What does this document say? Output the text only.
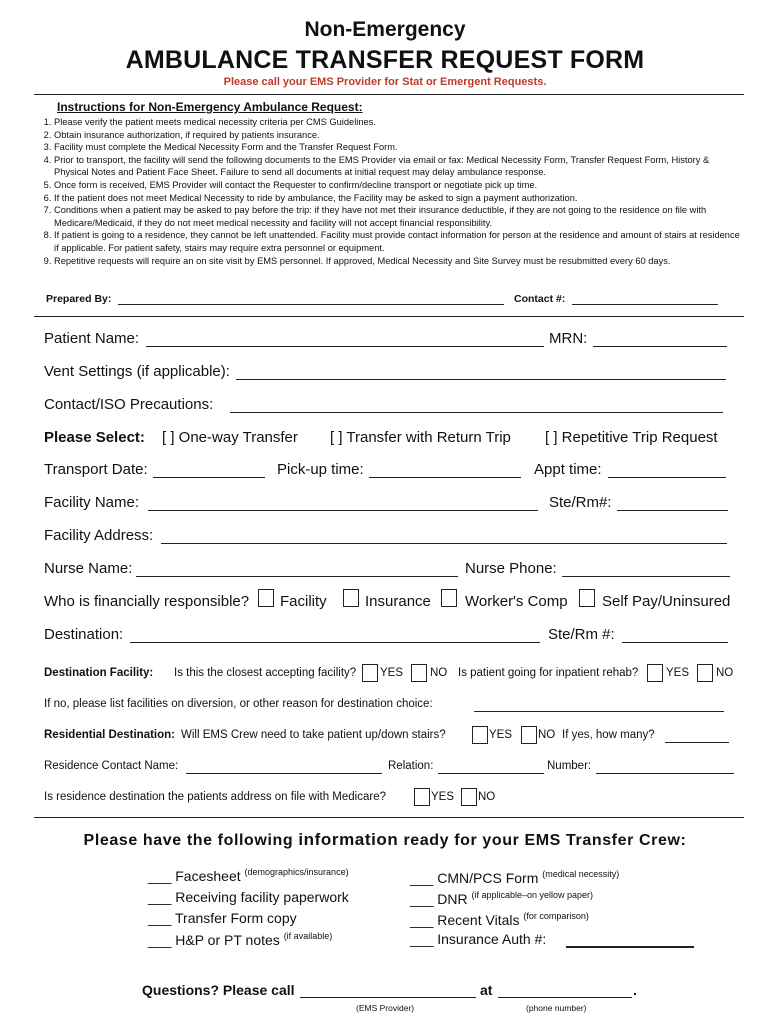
Non-Emergency
AMBULANCE TRANSFER REQUEST FORM
Please call your EMS Provider for Stat or Emergent Requests.
Instructions for Non-Emergency Ambulance Request:
1. Please verify the patient meets medical necessity criteria per CMS Guidelines.
2. Obtain insurance authorization, if required by patients insurance.
3. Facility must complete the Medical Necessity Form and the Transfer Request Form.
4. Prior to transport, the facility will send the following documents to the EMS Provider via email or fax: Medical Necessity Form, Transfer Request Form, History & Physical Notes and Patient Face Sheet. Failure to send all documents at initial request may delay ambulance response.
5. Once form is received, EMS Provider will contact the Requester to confirm/decline transport or negotiate pick up time.
6. If the patient does not meet Medical Necessity to ride by ambulance, the Facility may be asked to sign a payment authorization.
7. Conditions when a patient may be asked to pay before the trip: if they have not met their insurance deductible, if they are not going to the residence on file with Medicare/Medicaid, if they do not meet medical necessity and facility will not accept financial responsibility.
8. If patient is going to a residence, they cannot be left unattended. Facility must provide contact information for person at the residence and amount of stairs at residence if applicable. For patient safety, stairs may require extra personnel or equipment.
9. Repetitive requests will require an on site visit by EMS personnel. If approved, Medical Necessity and Site Survey must be resubmitted every 60 days.
Prepared By:	Contact #:
Patient Name:	MRN:
Vent Settings (if applicable):
Contact/ISO Precautions:
Please Select: [ ] One-way Transfer [ ] Transfer with Return Trip [ ] Repetitive Trip Request
Transport Date:	Pick-up time:	Appt time:
Facility Name:	Ste/Rm#:
Facility Address:
Nurse Name:	Nurse Phone:
Who is financially responsible? Facility	Insurance Worker's Comp Self Pay/Uninsured
Destination:	Ste/Rm #:
Destination Facility: Is this the closest accepting facility? YES NO Is patient going for inpatient rehab? YES NO
If no, please list facilities on diversion, or other reason for destination choice:
Residential Destination: Will EMS Crew need to take patient up/down stairs?	YES NO If yes, how many?
Residence Contact Name:	Relation:	Number:
Is residence destination the patients address on file with Medicare?	YES NO
Please have the following information ready for your EMS Transfer Crew:
___ Facesheet $^{(demographics/insurance)}$
___ Receiving facility paperwork
___ Transfer Form copy
___ H&P or PT notes $^{(if available)}$
___ CMN/PCS Form $^{(medical necessity)}$
___ DNR $^{(if applicable-on yellow paper)}$
___ Recent Vitals $^{(for comparison)}$
___ Insurance Auth #:
Questions? Please call	at	.
(EMS Provider)	(phone number)
